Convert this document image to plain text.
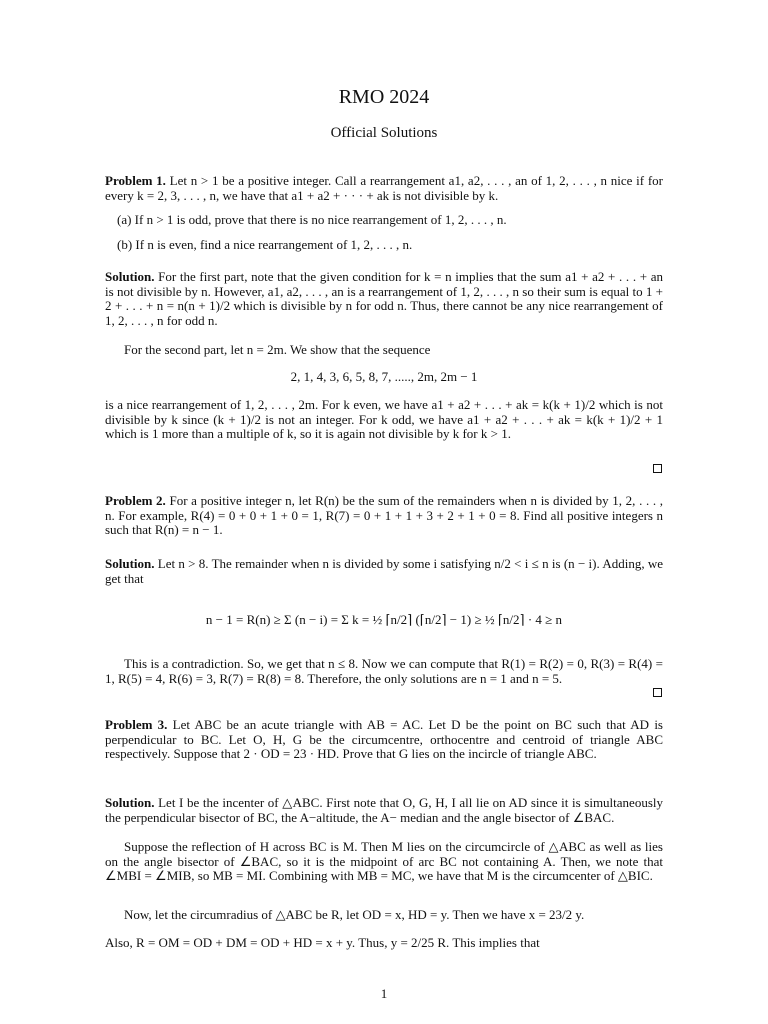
RMO 2024
Official Solutions
Problem 1. Let n > 1 be a positive integer. Call a rearrangement a1, a2, . . . , an of 1, 2, . . . , n nice if for every k = 2, 3, . . . , n, we have that a1 + a2 + · · · + ak is not divisible by k.
(a) If n > 1 is odd, prove that there is no nice rearrangement of 1, 2, . . . , n.
(b) If n is even, find a nice rearrangement of 1, 2, . . . , n.
Solution. For the first part, note that the given condition for k = n implies that the sum a1 + a2 + . . . + an is not divisible by n. However, a1, a2, . . . , an is a rearrangement of 1, 2, . . . , n so their sum is equal to 1 + 2 + . . . + n = n(n + 1)/2 which is divisible by n for odd n. Thus, there cannot be any nice rearrangement of 1, 2, . . . , n for odd n.
For the second part, let n = 2m. We show that the sequence
2, 1, 4, 3, 6, 5, 8, 7, ....., 2m, 2m − 1
is a nice rearrangement of 1, 2, . . . , 2m. For k even, we have a1 + a2 + . . . + ak = k(k + 1)/2 which is not divisible by k since (k + 1)/2 is not an integer. For k odd, we have a1 + a2 + . . . + ak = k(k + 1)/2 + 1 which is 1 more than a multiple of k, so it is again not divisible by k for k > 1.
Problem 2. For a positive integer n, let R(n) be the sum of the remainders when n is divided by 1, 2, . . . , n. For example, R(4) = 0 + 0 + 1 + 0 = 1, R(7) = 0 + 1 + 1 + 3 + 2 + 1 + 0 = 8. Find all positive integers n such that R(n) = n − 1.
Solution. Let n > 8. The remainder when n is divided by some i satisfying n/2 < i ≤ n is (n − i). Adding, we get that
n − 1 = R(n) ≥ Σ (n − i) = Σ k = ½ ⌈n/2⌉ (⌈n/2⌉ − 1) ≥ ½ ⌈n/2⌉ · 4 ≥ n
This is a contradiction. So, we get that n ≤ 8. Now we can compute that R(1) = R(2) = 0, R(3) = R(4) = 1, R(5) = 4, R(6) = 3, R(7) = R(8) = 8. Therefore, the only solutions are n = 1 and n = 5.
Problem 3. Let ABC be an acute triangle with AB = AC. Let D be the point on BC such that AD is perpendicular to BC. Let O, H, G be the circumcentre, orthocentre and centroid of triangle ABC respectively. Suppose that 2 · OD = 23 · HD. Prove that G lies on the incircle of triangle ABC.
Solution. Let I be the incenter of △ABC. First note that O, G, H, I all lie on AD since it is simultaneously the perpendicular bisector of BC, the A−altitude, the A− median and the angle bisector of ∠BAC.
Suppose the reflection of H across BC is M. Then M lies on the circumcircle of △ABC as well as lies on the angle bisector of ∠BAC, so it is the midpoint of arc BC not containing A. Then, we note that ∠MBI = ∠MIB, so MB = MI. Combining with MB = MC, we have that M is the circumcenter of △BIC.
Now, let the circumradius of △ABC be R, let OD = x, HD = y. Then we have x = 23/2 y.
Also, R = OM = OD + DM = OD + HD = x + y. Thus, y = 2/25 R. This implies that
1
